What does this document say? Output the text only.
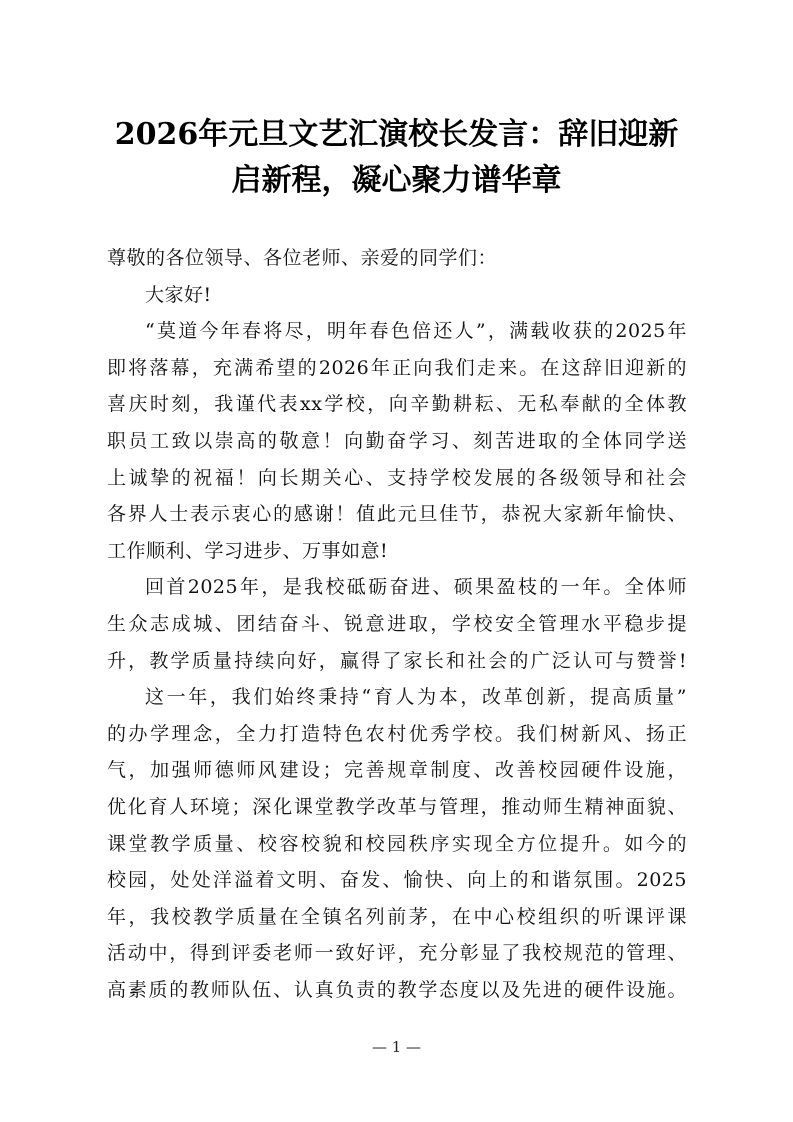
2026年元旦文艺汇演校长发言：辞旧迎新
启新程，凝心聚力谱华章
尊敬的各位领导、各位老师、亲爱的同学们：
大家好!
“莫道今年春将尽，明年春色倍还人”，满载收获的2025年
即将落幕，充满希望的2026年正向我们走来。在这辞旧迎新的
喜庆时刻，我谨代表xx学校，向辛勤耕耘、无私奉献的全体教
职员工致以崇高的敬意！向勤奋学习、刻苦进取的全体同学送
上诚挚的祝福！向长期关心、支持学校发展的各级领导和社会
各界人士表示衷心的感谢！值此元旦佳节，恭祝大家新年愉快、
工作顺利、学习进步、万事如意!
回首2025年，是我校砥砺奋进、硕果盈枝的一年。全体师
生众志成城、团结奋斗、锐意进取，学校安全管理水平稳步提
升，教学质量持续向好，赢得了家长和社会的广泛认可与赞誉!
这一年，我们始终秉持“育人为本，改革创新，提高质量”
的办学理念，全力打造特色农村优秀学校。我们树新风、扬正
气，加强师德师风建设；完善规章制度、改善校园硬件设施，
优化育人环境；深化课堂教学改革与管理，推动师生精神面貌、
课堂教学质量、校容校貌和校园秩序实现全方位提升。如今的
校园，处处洋溢着文明、奋发、愉快、向上的和谐氛围。2025
年，我校教学质量在全镇名列前茅，在中心校组织的听课评课
活动中，得到评委老师一致好评，充分彰显了我校规范的管理、
高素质的教师队伍、认真负责的教学态度以及先进的硬件设施。
— 1 —
